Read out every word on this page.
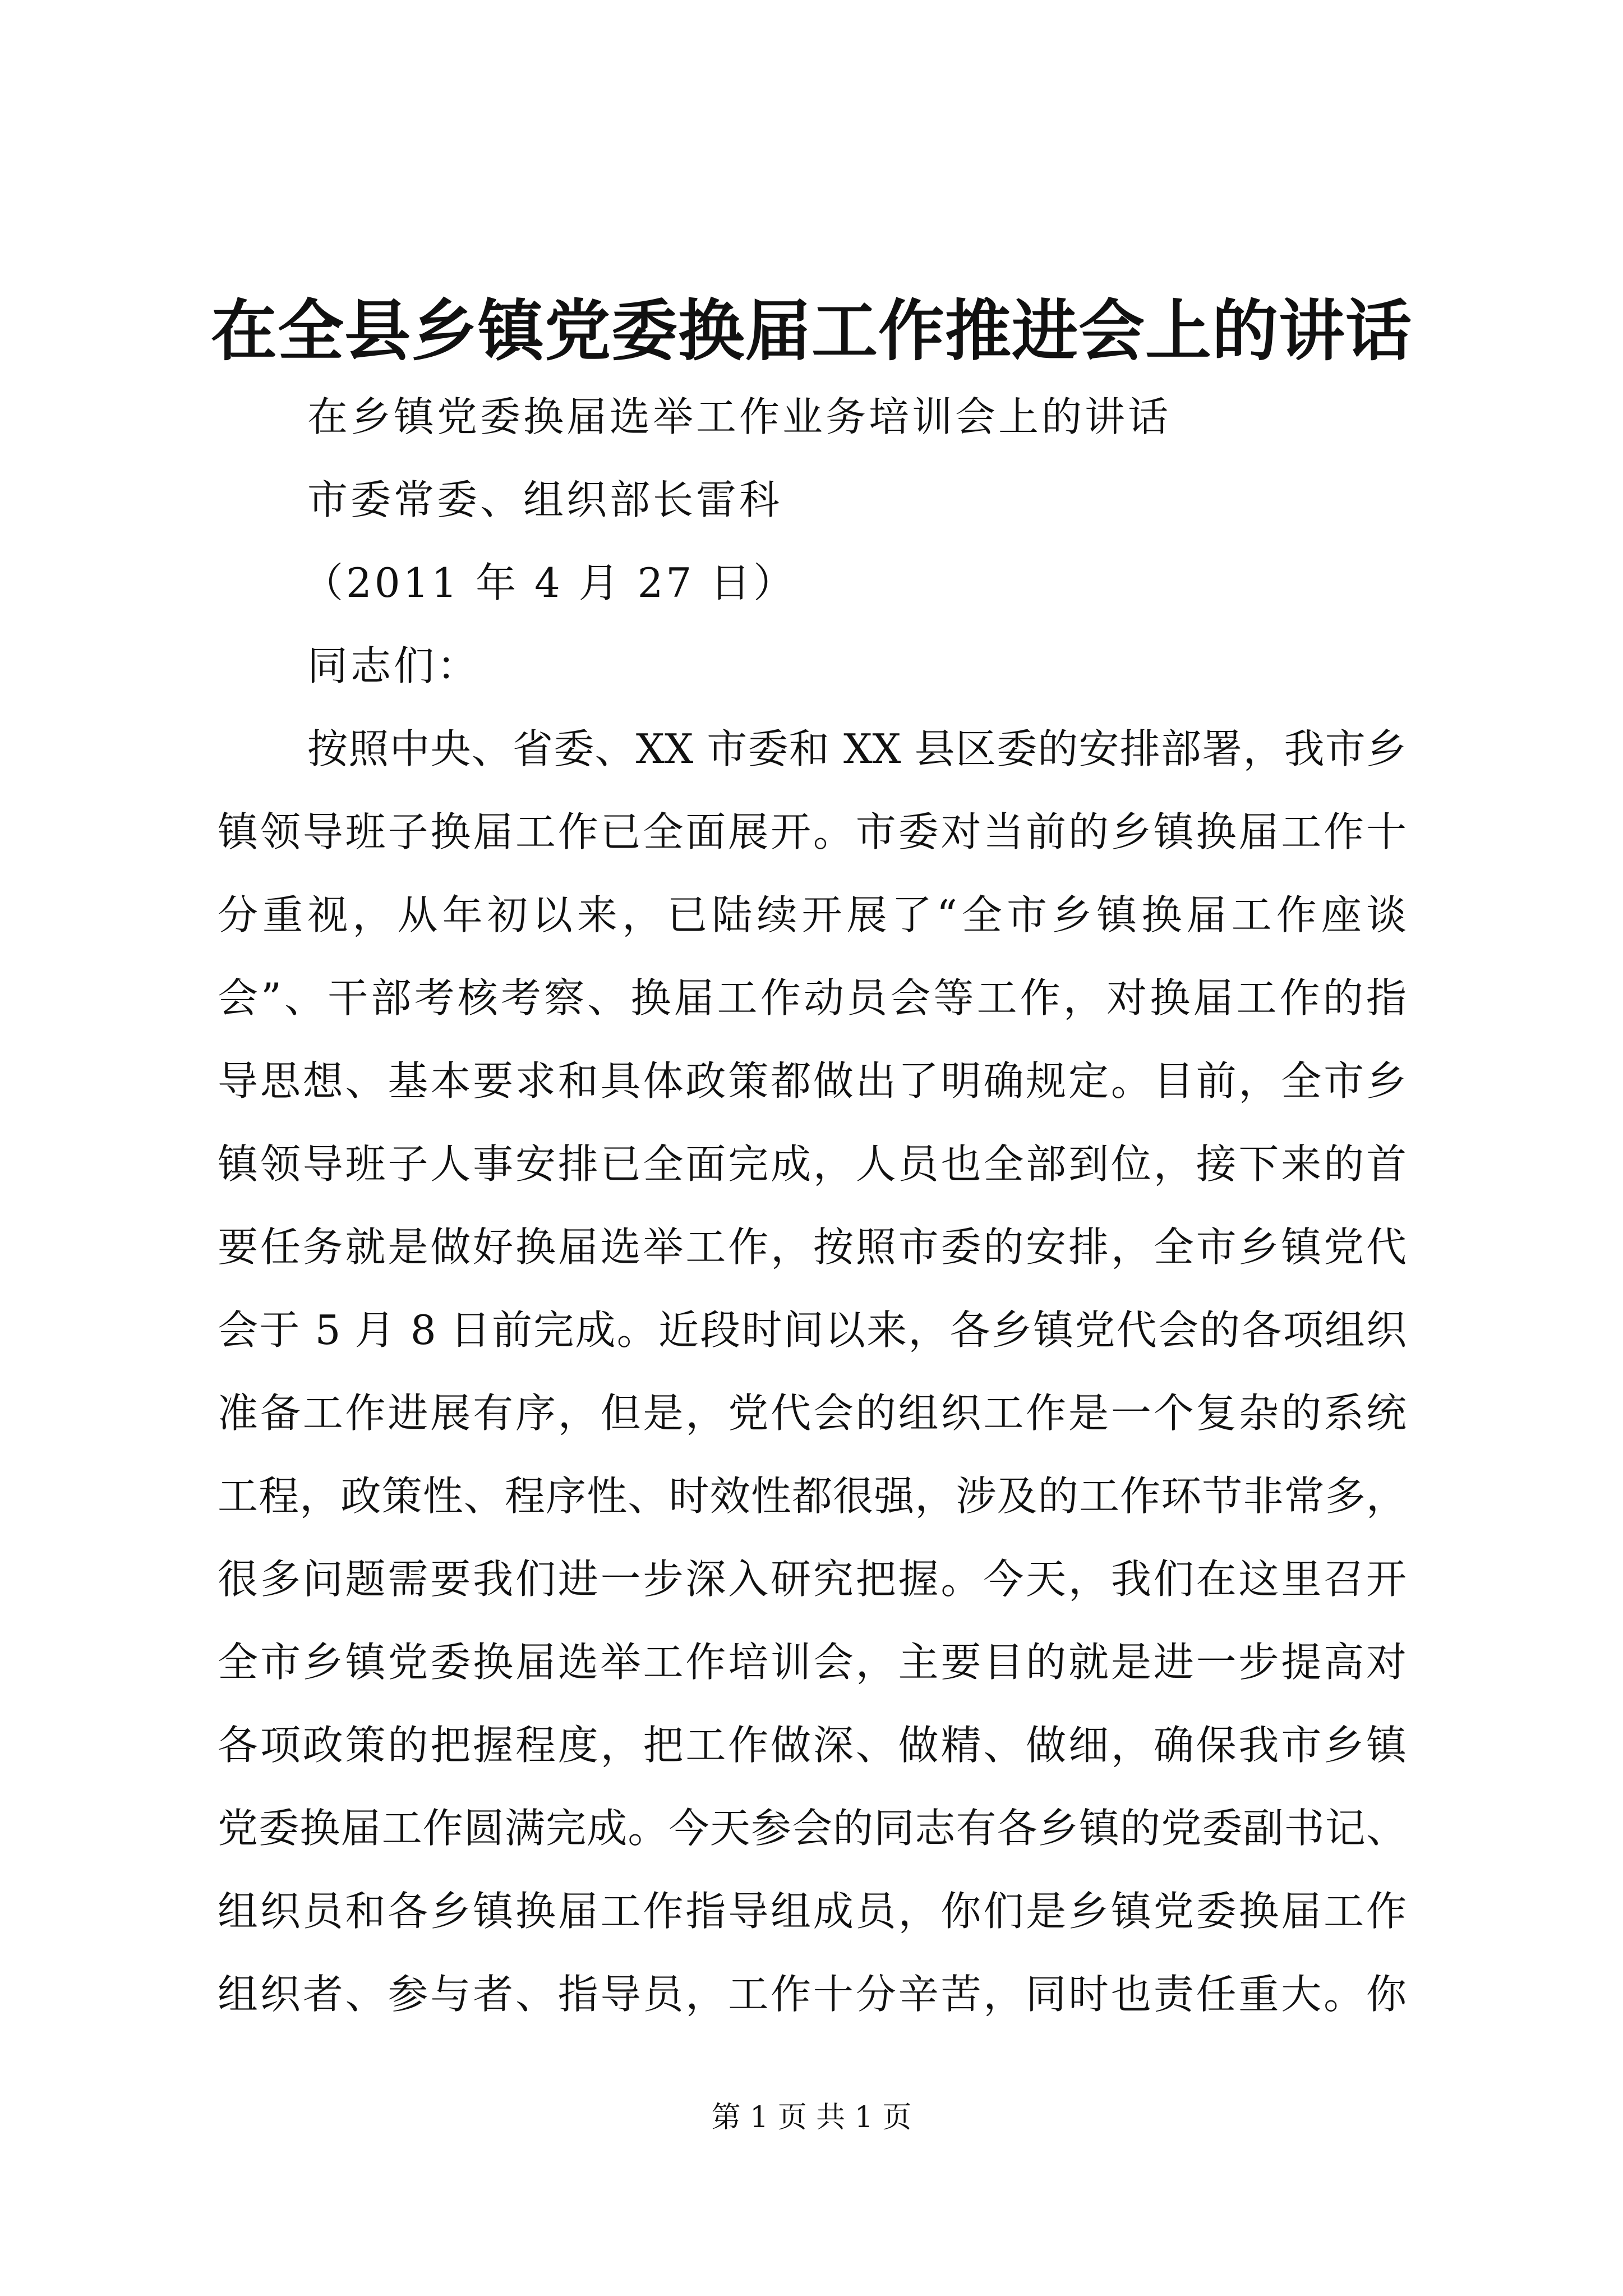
在全县乡镇党委换届工作推进会上的讲话
在乡镇党委换届选举工作业务培训会上的讲话
市委常委、组织部长雷科
（2011 年 4 月 27 日）
同志们：
按照中央、省委、XX 市委和 XX 县区委的安排部署，我市乡
镇领导班子换届工作已全面展开。市委对当前的乡镇换届工作十
分重视，从年初以来，已陆续开展了“全市乡镇换届工作座谈
会”、干部考核考察、换届工作动员会等工作，对换届工作的指
导思想、基本要求和具体政策都做出了明确规定。目前，全市乡
镇领导班子人事安排已全面完成，人员也全部到位，接下来的首
要任务就是做好换届选举工作，按照市委的安排，全市乡镇党代
会于 5 月 8 日前完成。近段时间以来，各乡镇党代会的各项组织
准备工作进展有序，但是，党代会的组织工作是一个复杂的系统
工程，政策性、程序性、时效性都很强，涉及的工作环节非常多，
很多问题需要我们进一步深入研究把握。今天，我们在这里召开
全市乡镇党委换届选举工作培训会，主要目的就是进一步提高对
各项政策的把握程度，把工作做深、做精、做细，确保我市乡镇
党委换届工作圆满完成。今天参会的同志有各乡镇的党委副书记、
组织员和各乡镇换届工作指导组成员，你们是乡镇党委换届工作
组织者、参与者、指导员，工作十分辛苦，同时也责任重大。你
第 1 页 共 1 页
